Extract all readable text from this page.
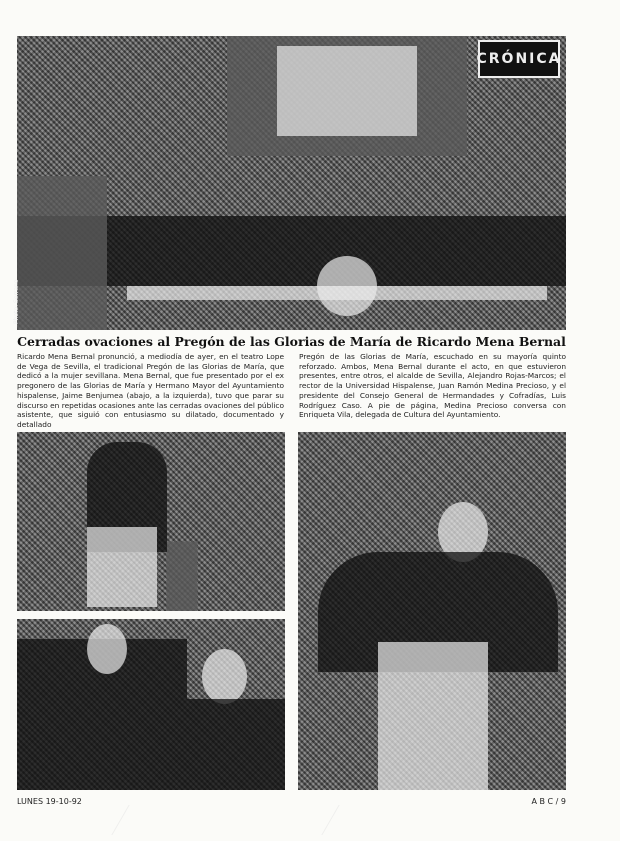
CRÓNICA
Photo: Serrano
Cerradas ovaciones al Pregón de las Glorias de María de Ricardo Mena Bernal
Ricardo Mena Bernal pronunció, a mediodía de ayer, en el teatro Lope de Vega de Sevilla, el tradicional Pregón de las Glorias de María, que dedicó a la mujer sevillana. Mena Bernal, que fue presentado por el ex pregonero de las Glorias de María y Hermano Mayor del Ayuntamiento hispalense, Jaime Benjumea (abajo, a la izquierda), tuvo que parar su discurso en repetidas ocasiones ante las cerradas ovaciones del público asistente, que siguió con entusiasmo su dilatado, documentado y detallado
Pregón de las Glorias de María, escuchado en su mayoría quinto reforzado. Ambos, Mena Bernal durante el acto, en que estuvieron presentes, entre otros, el alcalde de Sevilla, Alejandro Rojas-Marcos; el rector de la Universidad Hispalense, Juan Ramón Medina Precioso, y el presidente del Consejo General de Hermandades y Cofradías, Luis Rodríguez Caso. A pie de página, Medina Precioso conversa con Enriqueta Vila, delegada de Cultura del Ayuntamiento.
LUNES 19-10-92	A B C / 9
